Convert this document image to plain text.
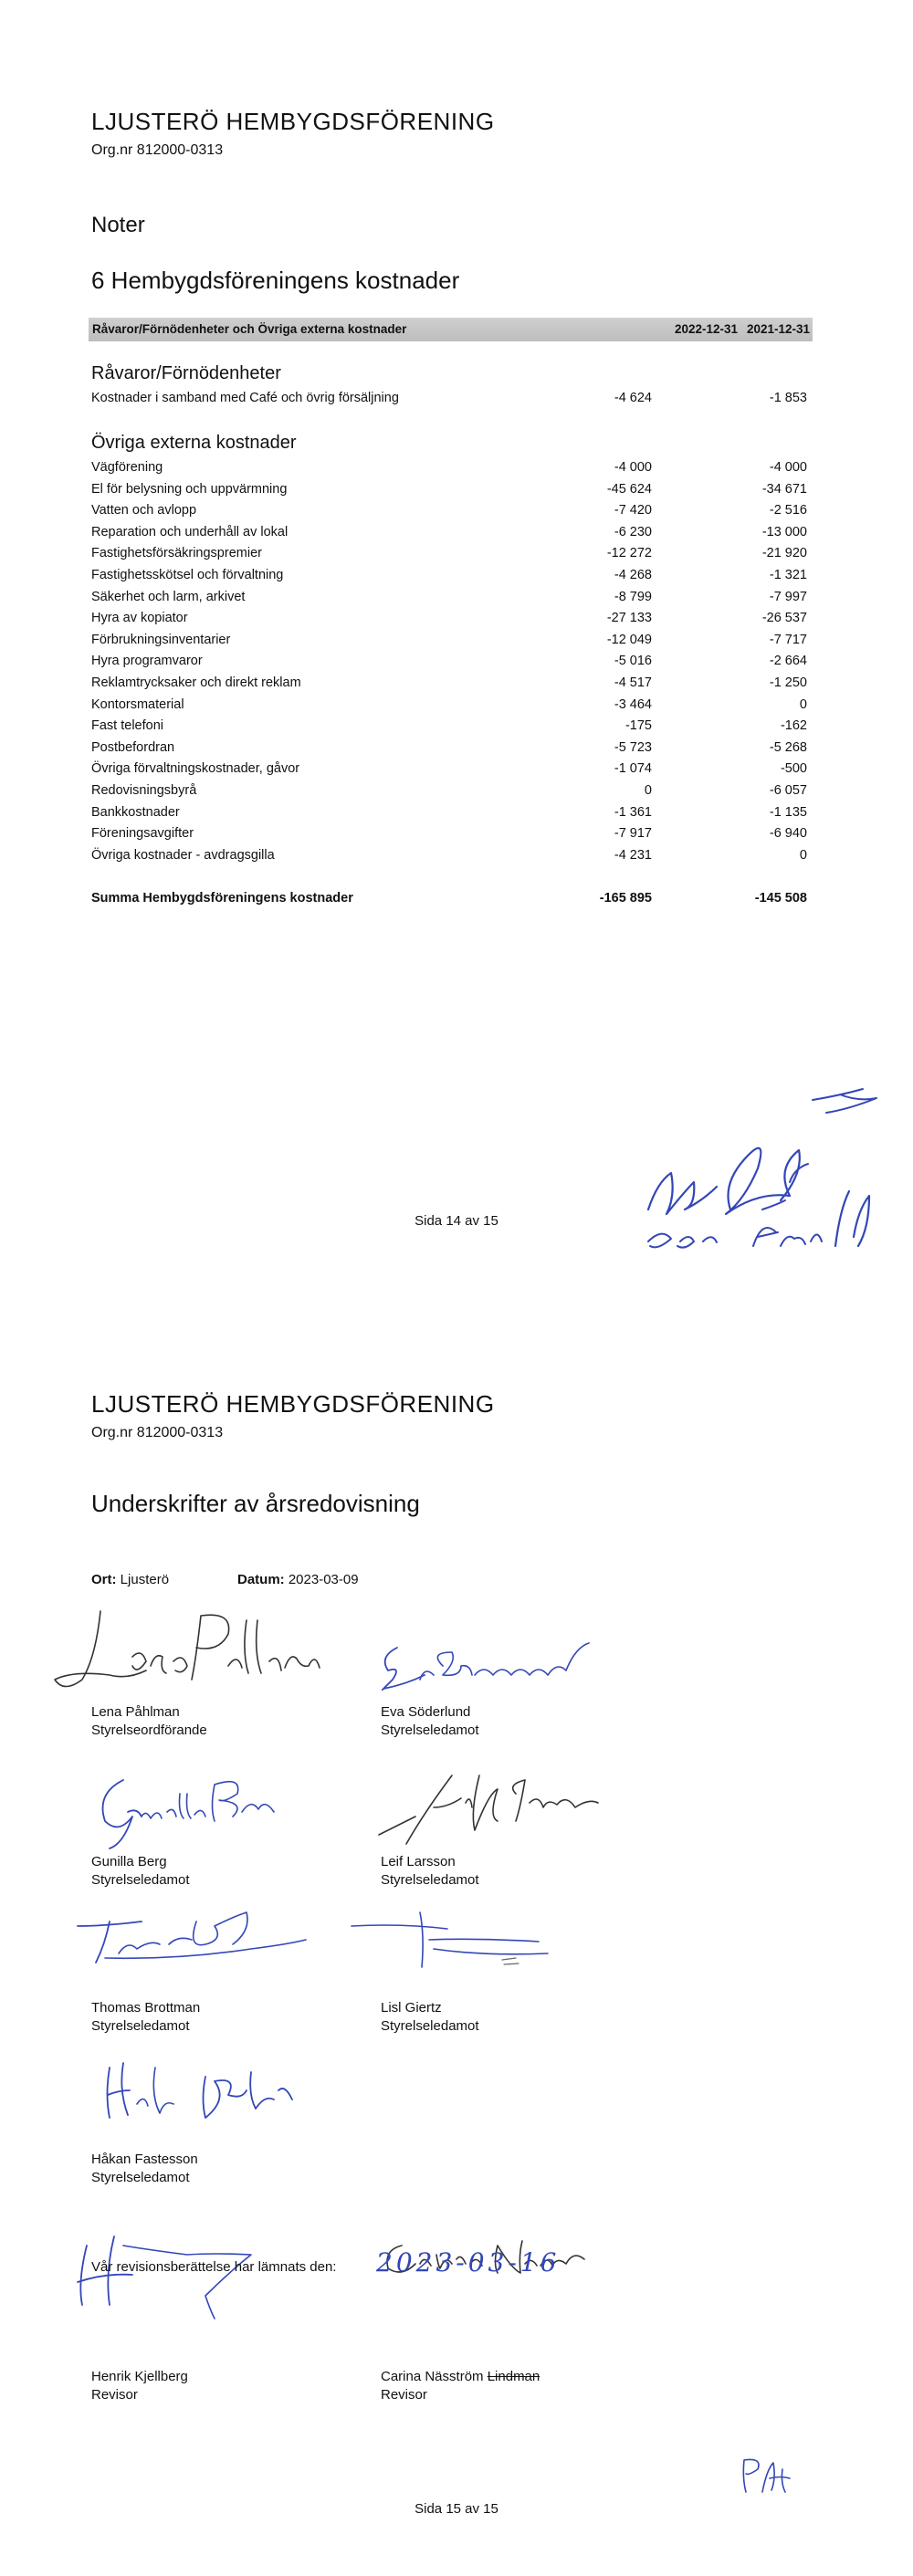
LJUSTERÖ HEMBYGDSFÖRENING
Org.nr 812000-0313
Noter
6 Hembygdsföreningens kostnader
Råvaror/Förnödenheter och Övriga externa kostnader	2022-12-31 2021-12-31
Råvaror/Förnödenheter
Kostnader i samband med Café och övrig försäljning	-4 624	-1 853
Övriga externa kostnader
Vägförening	-4 000	-4 000
El för belysning och uppvärmning	-45 624	-34 671
Vatten och avlopp	-7 420	-2 516
Reparation och underhåll av lokal	-6 230	-13 000
Fastighetsförsäkringspremier	-12 272	-21 920
Fastighetsskötsel och förvaltning	-4 268	-1 321
Säkerhet och larm, arkivet	-8 799	-7 997
Hyra av kopiator	-27 133	-26 537
Förbrukningsinventarier	-12 049	-7 717
Hyra programvaror	-5 016	-2 664
Reklamtrycksaker och direkt reklam	-4 517	-1 250
Kontorsmaterial	-3 464	0
Fast telefoni	-175	-162
Postbefordran	-5 723	-5 268
Övriga förvaltningskostnader, gåvor	-1 074	-500
Redovisningsbyrå	0	-6 057
Bankkostnader	-1 361	-1 135
Föreningsavgifter	-7 917	-6 940
Övriga kostnader - avdragsgilla	-4 231	0
Summa Hembygdsföreningens kostnader	-165 895	-145 508
Sida 14 av 15
LJUSTERÖ HEMBYGDSFÖRENING
Org.nr 812000-0313
Underskrifter av årsredovisning
Ort: Ljusterö	Datum: 2023-03-09
Lena Påhlman
Styrelseordförande
Eva Söderlund
Styrelseledamot
Gunilla Berg
Styrelseledamot
Leif Larsson
Styrelseledamot
Thomas Brottman
Styrelseledamot
Lisl Giertz
Styrelseledamot
Håkan Fastesson
Styrelseledamot
Vår revisionsberättelse har lämnats den: 2023-03-16
Henrik Kjellberg
Revisor
Carina Näsström Lindman
Revisor
Sida 15 av 15
